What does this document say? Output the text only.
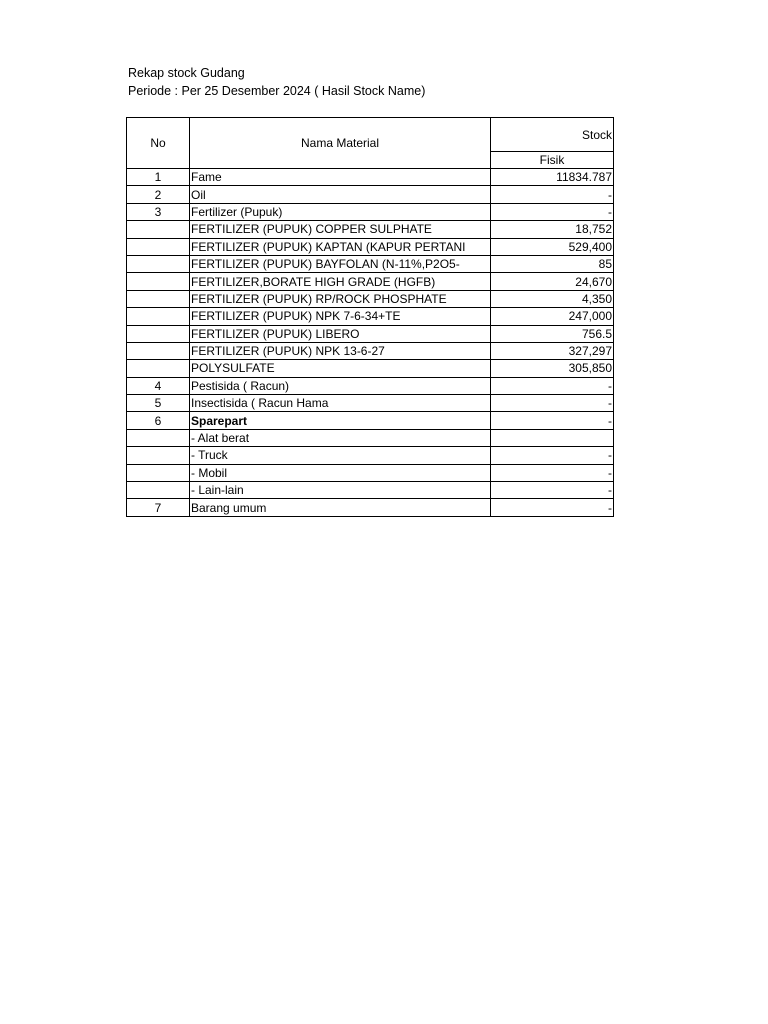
Rekap stock Gudang
Periode : Per 25 Desember 2024 ( Hasil Stock Name)
No	Nama Material	Stock
		Fisik
1	Fame	11834.787
2	Oil	-
3	Fertilizer (Pupuk)	-
	FERTILIZER (PUPUK) COPPER SULPHATE	18,752
	FERTILIZER (PUPUK) KAPTAN (KAPUR PERTANI	529,400
	FERTILIZER (PUPUK) BAYFOLAN (N-11%,P2O5-	85
	FERTILIZER,BORATE HIGH GRADE (HGFB)	24,670
	FERTILIZER (PUPUK) RP/ROCK PHOSPHATE	4,350
	FERTILIZER (PUPUK) NPK 7-6-34+TE	247,000
	FERTILIZER (PUPUK) LIBERO	756.5
	FERTILIZER (PUPUK) NPK 13-6-27	327,297
	POLYSULFATE	305,850
4	Pestisida ( Racun)	-
5	Insectisida ( Racun Hama	-
6	Sparepart	-
	- Alat berat	
	- Truck	-
	- Mobil	-
	- Lain-lain	-
7	Barang umum	-
